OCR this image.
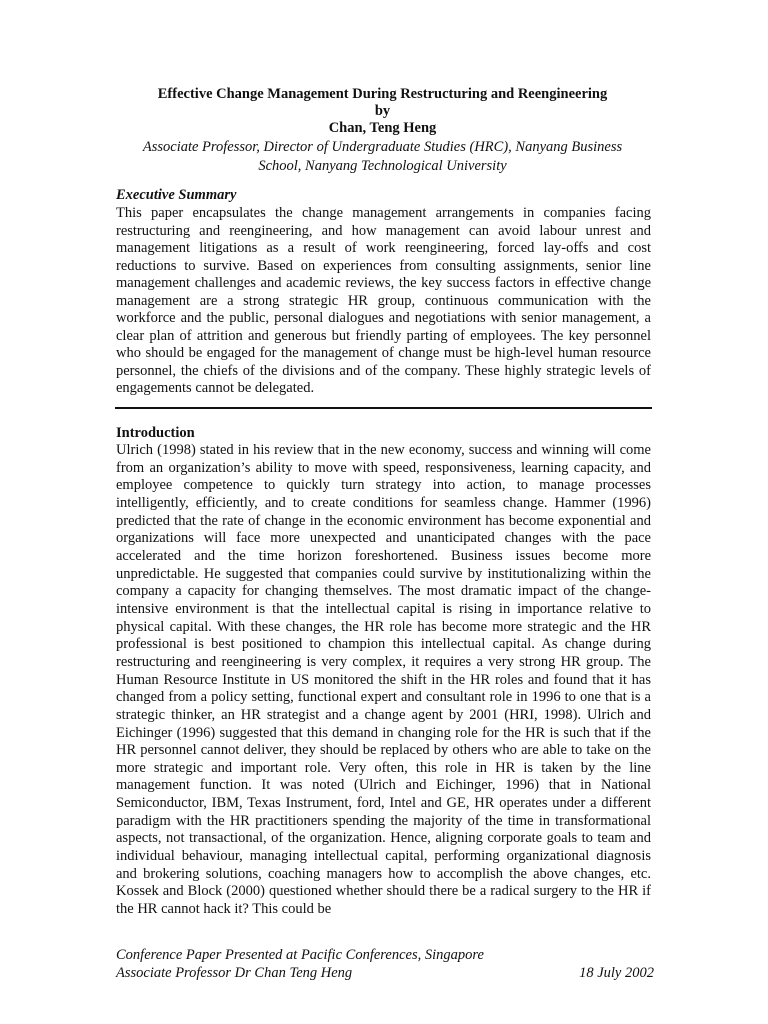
Effective Change Management During Restructuring and Reengineering
by
Chan, Teng Heng
Associate Professor, Director of Undergraduate Studies (HRC), Nanyang Business
School, Nanyang Technological University
Executive Summary
This paper encapsulates the change management arrangements in companies facing restructuring and reengineering, and how management can avoid labour unrest and management litigations as a result of work reengineering, forced lay-offs and cost reductions to survive. Based on experiences from consulting assignments, senior line management challenges and academic reviews, the key success factors in effective change management are a strong strategic HR group, continuous communication with the workforce and the public, personal dialogues and negotiations with senior management, a clear plan of attrition and generous but friendly parting of employees. The key personnel who should be engaged for the management of change must be high-level human resource personnel, the chiefs of the divisions and of the company. These highly strategic levels of engagements cannot be delegated.
Introduction
Ulrich (1998) stated in his review that in the new economy, success and winning will come from an organization’s ability to move with speed, responsiveness, learning capacity, and employee competence to quickly turn strategy into action, to manage processes intelligently, efficiently, and to create conditions for seamless change. Hammer (1996) predicted that the rate of change in the economic environment has become exponential and organizations will face more unexpected and unanticipated changes with the pace accelerated and the time horizon foreshortened. Business issues become more unpredictable. He suggested that companies could survive by institutionalizing within the company a capacity for changing themselves. The most dramatic impact of the change-intensive environment is that the intellectual capital is rising in importance relative to physical capital. With these changes, the HR role has become more strategic and the HR professional is best positioned to champion this intellectual capital. As change during restructuring and reengineering is very complex, it requires a very strong HR group. The Human Resource Institute in US monitored the shift in the HR roles and found that it has changed from a policy setting, functional expert and consultant role in 1996 to one that is a strategic thinker, an HR strategist and a change agent by 2001 (HRI, 1998). Ulrich and Eichinger (1996) suggested that this demand in changing role for the HR is such that if the HR personnel cannot deliver, they should be replaced by others who are able to take on the more strategic and important role. Very often, this role in HR is taken by the line management function. It was noted (Ulrich and Eichinger, 1996) that in National Semiconductor, IBM, Texas Instrument, ford, Intel and GE, HR operates under a different paradigm with the HR practitioners spending the majority of the time in transformational aspects, not transactional, of the organization. Hence, aligning corporate goals to team and individual behaviour, managing intellectual capital, performing organizational diagnosis and brokering solutions, coaching managers how to accomplish the above changes, etc. Kossek and Block (2000) questioned whether should there be a radical surgery to the HR if the HR cannot hack it? This could be
Conference Paper Presented at Pacific Conferences, Singapore
Associate Professor Dr Chan Teng Heng	18 July 2002
